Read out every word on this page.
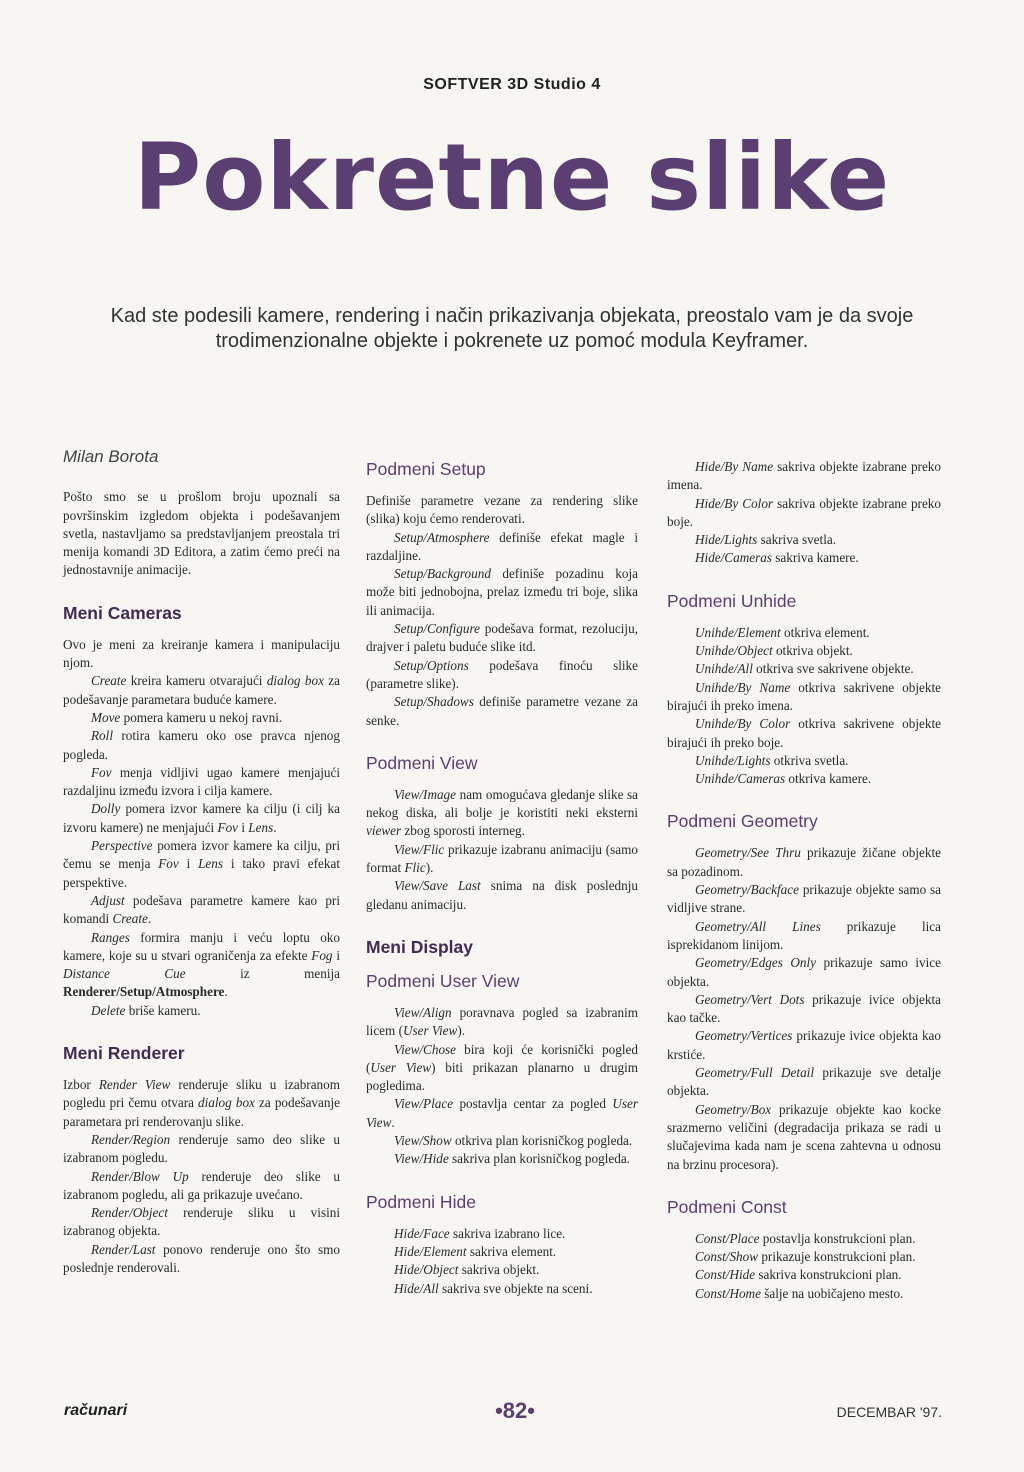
SOFTVER 3D Studio 4
Pokretne slike
Kad ste podesili kamere, rendering i način prikazivanja objekata, preostalo vam je da svoje trodimenzionalne objekte i pokrenete uz pomoć modula Keyframer.
Milan Borota

Pošto smo se u prošlom broju upoznali sa površinskim izgledom objekta i podešavanjem svetla, nastavljamo sa predstavljanjem preostala tri menija komandi 3D Editora, a zatim ćemo preći na jednostavnije animacije.

Meni Cameras

Ovo je meni za kreiranje kamera i manipulaciju njom.

Create kreira kameru otvarajući dialog box za podešavanje parametara buduće kamere.

Move pomera kameru u nekoj ravni.

Roll rotira kameru oko ose pravca njenog pogleda.

Fov menja vidljivi ugao kamere menjajući razdaljinu između izvora i cilja kamere.

Dolly pomera izvor kamere ka cilju (i cilj ka izvoru kamere) ne menjajući Fov i Lens.

Perspective pomera izvor kamere ka cilju, pri čemu se menja Fov i Lens i tako pravi efekat perspektive.

Adjust podešava parametre kamere kao pri komandi Create.

Ranges formira manju i veću loptu oko kamere, koje su u stvari ograničenja za efekte Fog i Distance Cue iz menija Renderer/Setup/Atmosphere.

Delete briše kameru.

Meni Renderer

Izbor Render View renderuje sliku u izabranom pogledu pri čemu otvara dialog box za podešavanje parametara pri renderovanju slike.

Render/Region renderuje samo deo slike u izabranom pogledu.

Render/Blow Up renderuje deo slike u izabranom pogledu, ali ga prikazuje uvećano.

Render/Object renderuje sliku u visini izabranog objekta.

Render/Last ponovo renderuje ono što smo poslednje renderovali.

Podmeni Setup

Definiše parametre vezane za rendering slike (slika) koju ćemo renderovati.

Setup/Atmosphere definiše efekat magle i razdaljine.

Setup/Background definiše pozadinu koja može biti jednobojna, prelaz između tri boje, slika ili animacija.

Setup/Configure podešava format, rezoluciju, drajver i paletu buduće slike itd.

Setup/Options podešava finoću slike (parametre slike).

Setup/Shadows definiše parametre vezane za senke.

Podmeni View

View/Image nam omogućava gledanje slike sa nekog diska, ali bolje je koristiti neki eksterni viewer zbog sporosti interneg.

View/Flic prikazuje izabranu animaciju (samo format Flic).

View/Save Last snima na disk poslednju gledanu animaciju.

Meni Display
Podmeni User View

View/Align poravnava pogled sa izabranim licem (User View).

View/Chose bira koji će korisnički pogled (User View) biti prikazan planarno u drugim pogledima.

View/Place postavlja centar za pogled User View.

View/Show otkriva plan korisničkog pogleda.

View/Hide sakriva plan korisničkog pogleda.

Podmeni Hide

Hide/Face sakriva izabrano lice.

Hide/Element sakriva element.

Hide/Object sakriva objekt.

Hide/All sakriva sve objekte na sceni.

Hide/By Name sakriva objekte izabrane preko imena.

Hide/By Color sakriva objekte izabrane preko boje.

Hide/Lights sakriva svetla.

Hide/Cameras sakriva kamere.

Podmeni Unhide

Unihde/Element otkriva element.

Unihde/Object otkriva objekt.

Unihde/All otkriva sve sakrivene objekte.

Unihde/By Name otkriva sakrivene objekte birajući ih preko imena.

Unihde/By Color otkriva sakrivene objekte birajući ih preko boje.

Unihde/Lights otkriva svetla.

Unihde/Cameras otkriva kamere.

Podmeni Geometry

Geometry/See Thru prikazuje žičane objekte sa pozadinom.

Geometry/Backface prikazuje objekte samo sa vidljive strane.

Geometry/All Lines prikazuje lica isprekidanom linijom.

Geometry/Edges Only prikazuje samo ivice objekta.

Geometry/Vert Dots prikazuje ivice objekta kao tačke.

Geometry/Vertices prikazuje ivice objekta kao krstiće.

Geometry/Full Detail prikazuje sve detalje objekta.

Geometry/Box prikazuje objekte kao kocke srazmerno veličini (degradacija prikaza se radi u slučajevima kada nam je scena zahtevna u odnosu na brzinu procesora).

Podmeni Const

Const/Place postavlja konstrukcioni plan.

Const/Show prikazuje konstrukcioni plan.

Const/Hide sakriva konstrukcioni plan.

Const/Home šalje na uobičajeno mesto.

računari	•82•	DECEMBAR '97.
